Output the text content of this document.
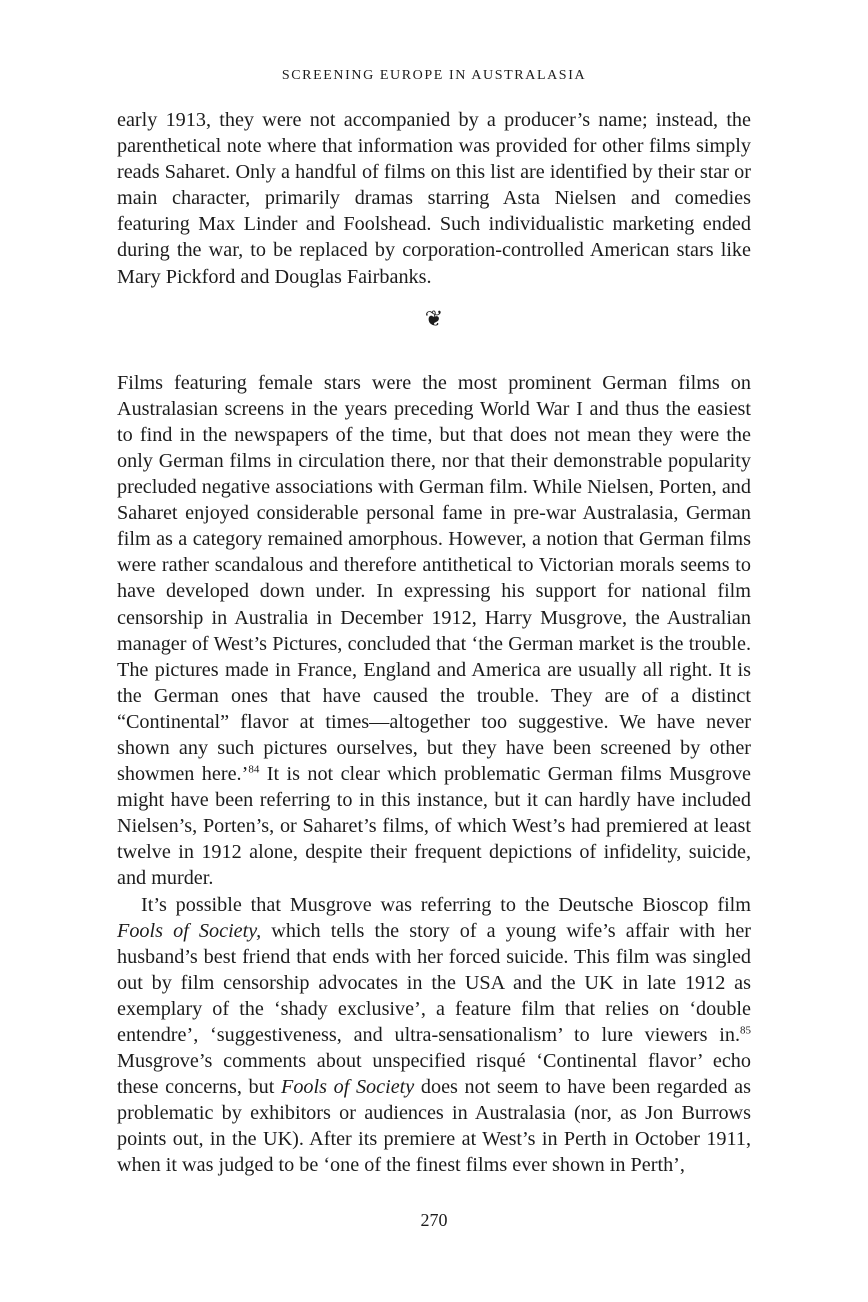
SCREENING EUROPE IN AUSTRALASIA

early 1913, they were not accompanied by a producer’s name; instead, the parenthetical note where that information was provided for other films simply reads Saharet. Only a handful of films on this list are identified by their star or main character, primarily dramas starring Asta Nielsen and comedies featuring Max Linder and Foolshead. Such individualistic marketing ended during the war, to be replaced by corporation-controlled American stars like Mary Pickford and Douglas Fairbanks.

❦

Films featuring female stars were the most prominent German films on Australasian screens in the years preceding World War I and thus the easiest to find in the newspapers of the time, but that does not mean they were the only German films in circulation there, nor that their demonstrable popularity precluded negative associations with German film. While Nielsen, Porten, and Saharet enjoyed considerable personal fame in pre-war Australasia, German film as a category remained amorphous. However, a notion that German films were rather scandalous and therefore antithetical to Victorian morals seems to have developed down under. In expressing his support for national film censorship in Australia in December 1912, Harry Musgrove, the Australian manager of West’s Pictures, concluded that ‘the German market is the trouble. The pictures made in France, England and America are usually all right. It is the German ones that have caused the trouble. They are of a distinct “Continental” flavor at times—altogether too suggestive. We have never shown any such pictures ourselves, but they have been screened by other showmen here.’$^{84}$ It is not clear which problematic German films Musgrove might have been referring to in this instance, but it can hardly have included Nielsen’s, Porten’s, or Saharet’s films, of which West’s had premiered at least twelve in 1912 alone, despite their frequent depictions of infidelity, suicide, and murder.

It’s possible that Musgrove was referring to the Deutsche Bioscop film Fools of Society, which tells the story of a young wife’s affair with her husband’s best friend that ends with her forced suicide. This film was singled out by film censorship advocates in the USA and the UK in late 1912 as exemplary of the ‘shady exclusive’, a feature film that relies on ‘double entendre’, ‘suggestiveness, and ultra-sensationalism’ to lure viewers in.$^{85}$ Musgrove’s comments about unspecified risqué ‘Continental flavor’ echo these concerns, but Fools of Society does not seem to have been regarded as problematic by exhibitors or audiences in Australasia (nor, as Jon Burrows points out, in the UK). After its premiere at West’s in Perth in October 1911, when it was judged to be ‘one of the finest films ever shown in Perth’,

270
